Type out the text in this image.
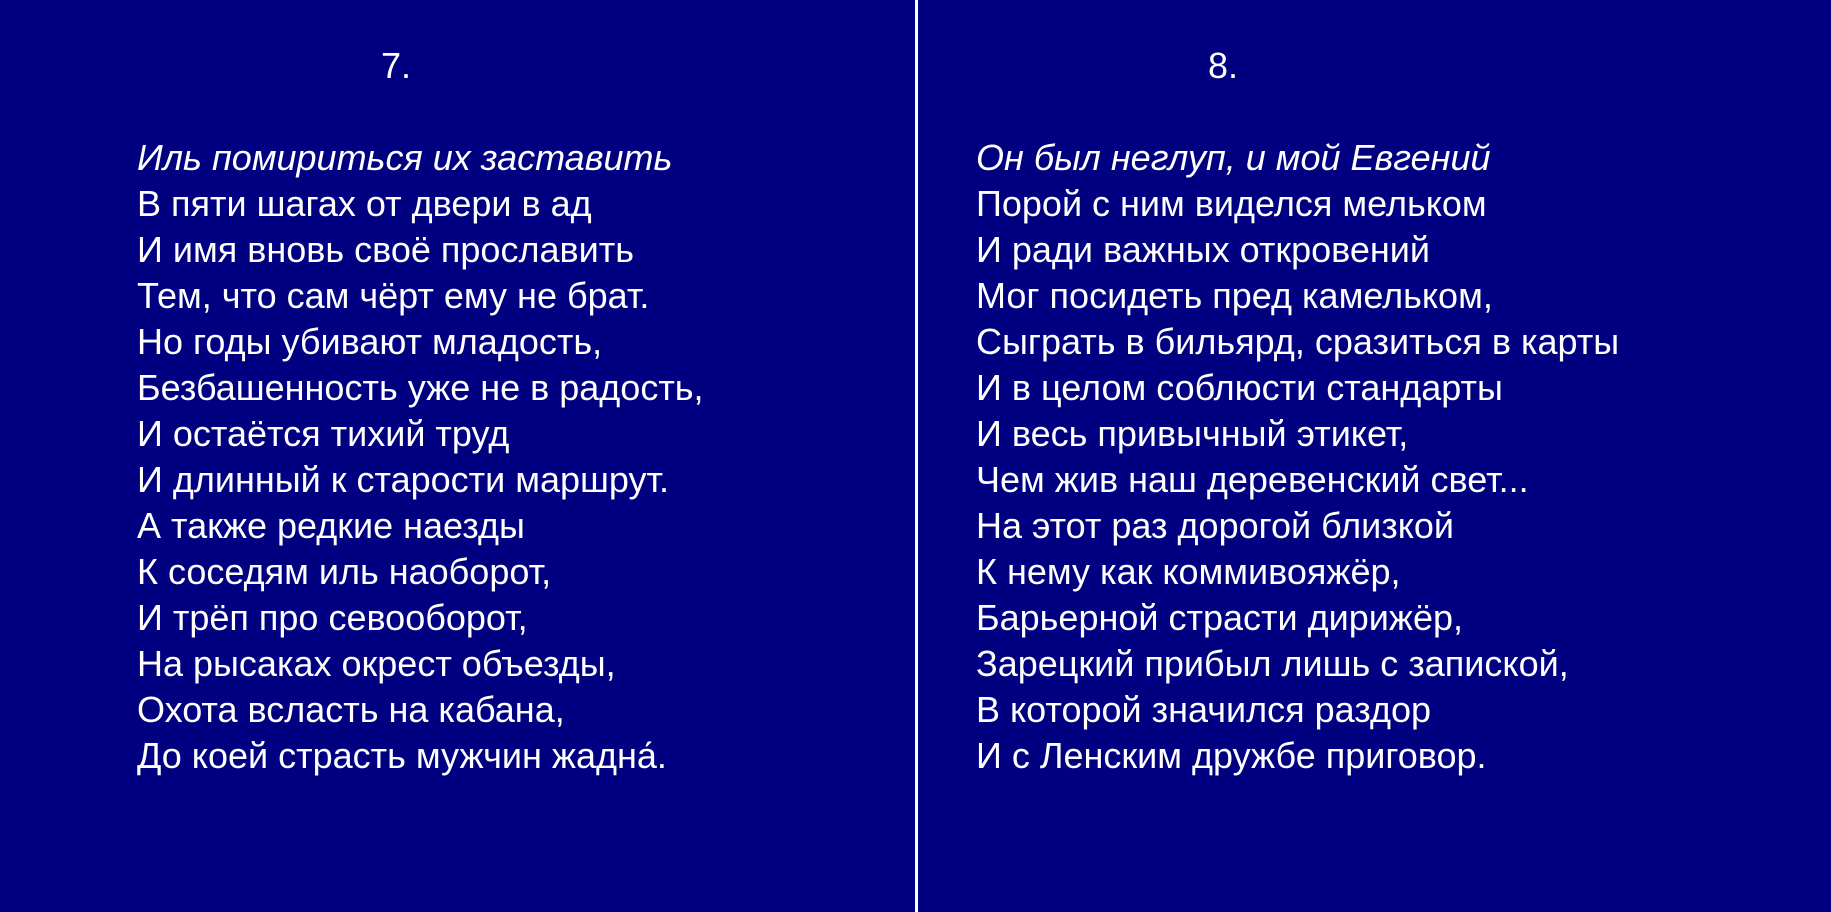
7.
Иль помириться их заставить
В пяти шагах от двери в ад
И имя вновь своё прославить
Тем, что сам чёрт ему не брат.
Но годы убивают младость,
Безбашенность уже не в радость,
И остаётся тихий труд
И длинный к старости маршрут.
А также редкие наезды
К соседям иль наоборот,
И трёп про севооборот,
На рысаках окрест объезды,
Охота всласть на кабана,
До коей страсть мужчин жадна́.
8.
Он был неглуп, и мой Евгений
Порой с ним виделся мельком
И ради важных откровений
Мог посидеть пред камельком,
Сыграть в бильярд, сразиться в карты
И в целом соблюсти стандарты
И весь привычный этикет,
Чем жив наш деревенский свет...
На этот раз дорогой близкой
К нему как коммивояжёр,
Барьерной страсти дирижёр,
Зарецкий прибыл лишь с запиской,
В которой значился раздор
И с Ленским дружбе приговор.
